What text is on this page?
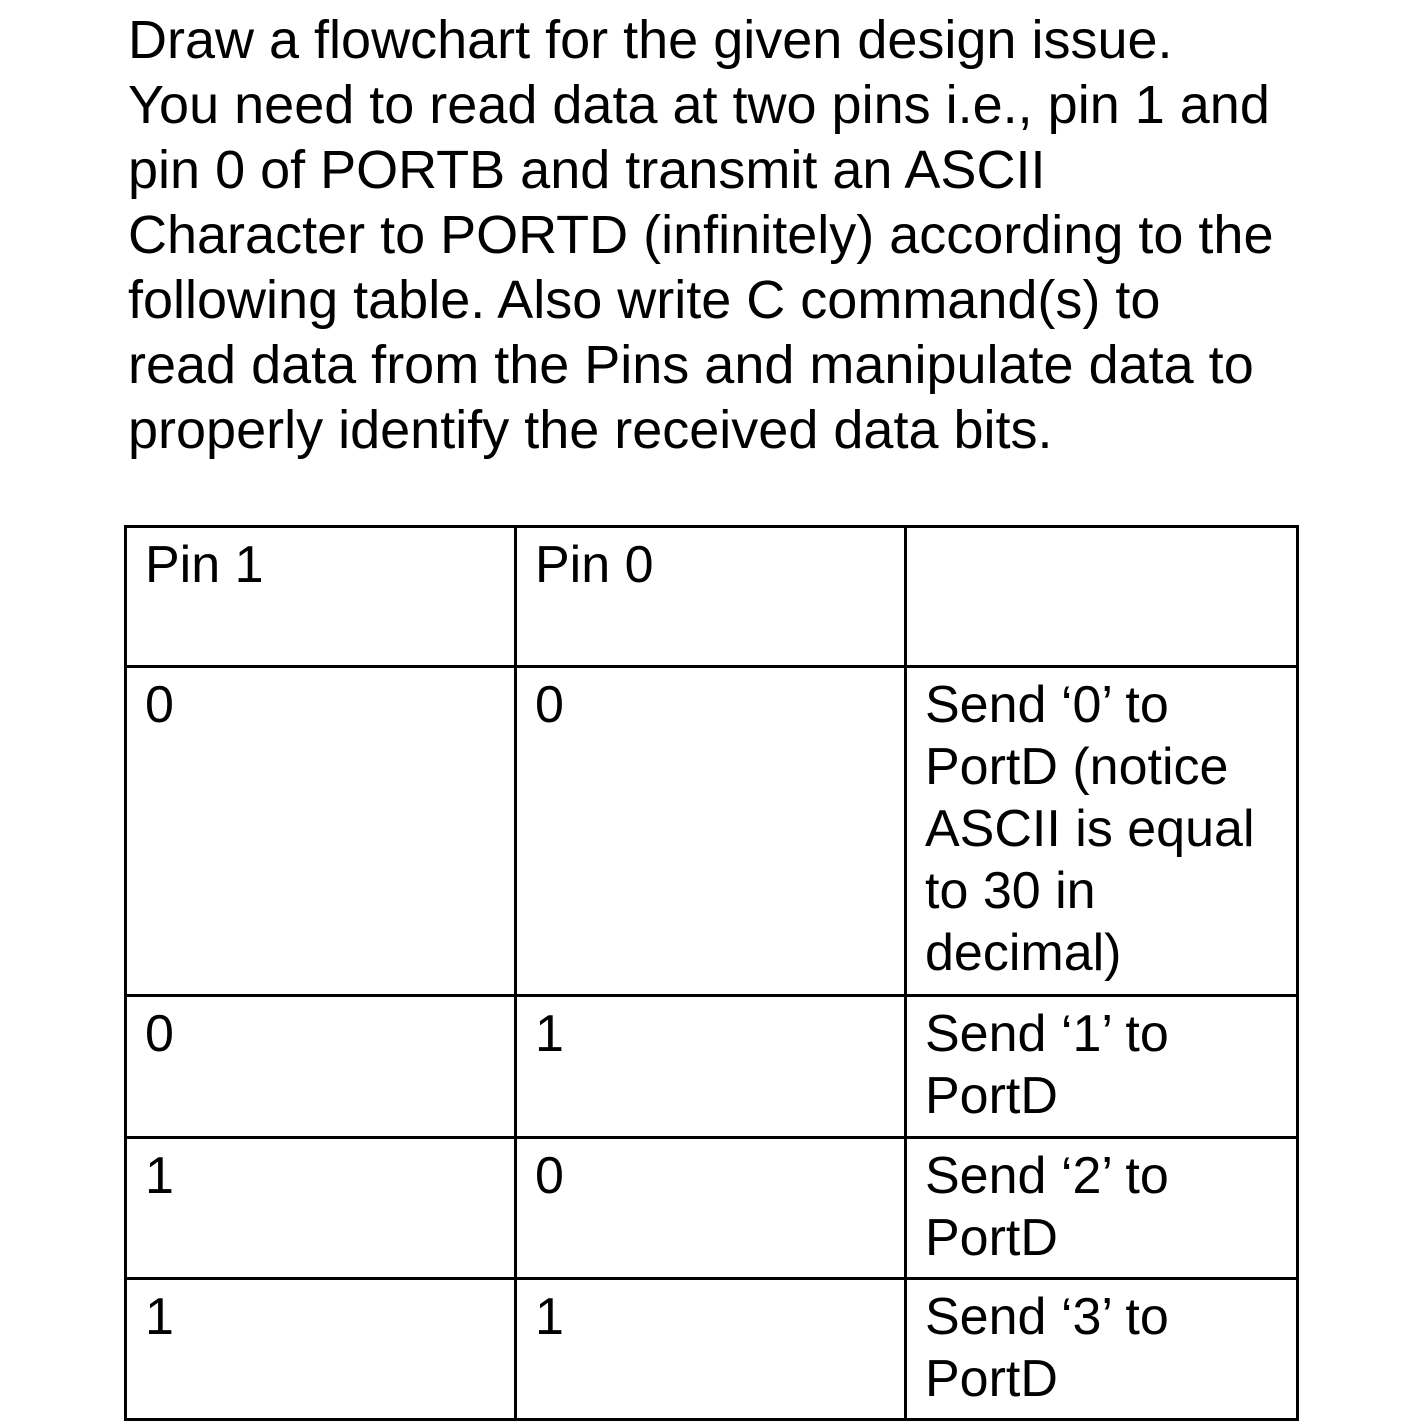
Draw a flowchart for the given design issue.
You need to read data at two pins i.e., pin 1 and
pin 0 of PORTB and transmit an ASCII
Character to PORTD (infinitely) according to the
following table. Also write C command(s) to
read data from the Pins and manipulate data to
properly identify the received data bits.
Pin 1	Pin 0	
0	0	Send ‘0’ to
PortD (notice
ASCII is equal
to 30 in
decimal)

0	1	Send ‘1’ to
PortD

1	0	Send ‘2’ to
PortD

1	1	Send ‘3’ to
PortD
